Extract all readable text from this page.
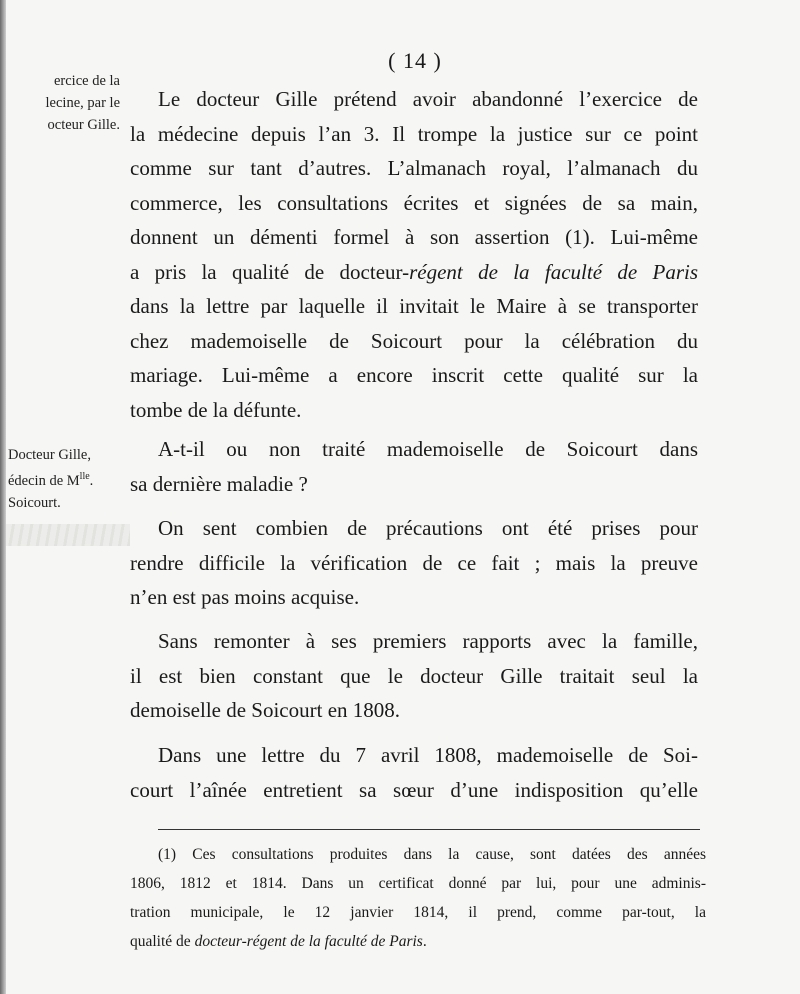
( 14 )
ercice de la
lecine, par le
octeur Gille.
Docteur Gille,
édecin de $M^{lle}$.
Soicourt.
Le docteur Gille prétend avoir abandonné l’exercice de
la médecine depuis l’an 3. Il trompe la justice sur ce point
comme sur tant d’autres. L’almanach royal, l’almanach du
commerce, les consultations écrites et signées de sa main,
donnent un démenti formel à son assertion (1). Lui-même
a pris la qualité de docteur-régent de la faculté de Paris
dans la lettre par laquelle il invitait le Maire à se transporter
chez mademoiselle de Soicourt pour la célébration du
mariage. Lui-même a encore inscrit cette qualité sur la
tombe de la défunte.
A-t-il ou non traité mademoiselle de Soicourt dans
sa dernière maladie ?
On sent combien de précautions ont été prises pour
rendre difficile la vérification de ce fait ; mais la preuve
n’en est pas moins acquise.
Sans remonter à ses premiers rapports avec la famille,
il est bien constant que le docteur Gille traitait seul la
demoiselle de Soicourt en 1808.
Dans une lettre du 7 avril 1808, mademoiselle de Soi-
court l’aînée entretient sa sœur d’une indisposition qu’elle
(1) Ces consultations produites dans la cause, sont datées des années
1806, 1812 et 1814. Dans un certificat donné par lui, pour une adminis-
tration municipale, le 12 janvier 1814, il prend, comme par-tout, la
qualité de docteur-régent de la faculté de Paris.
